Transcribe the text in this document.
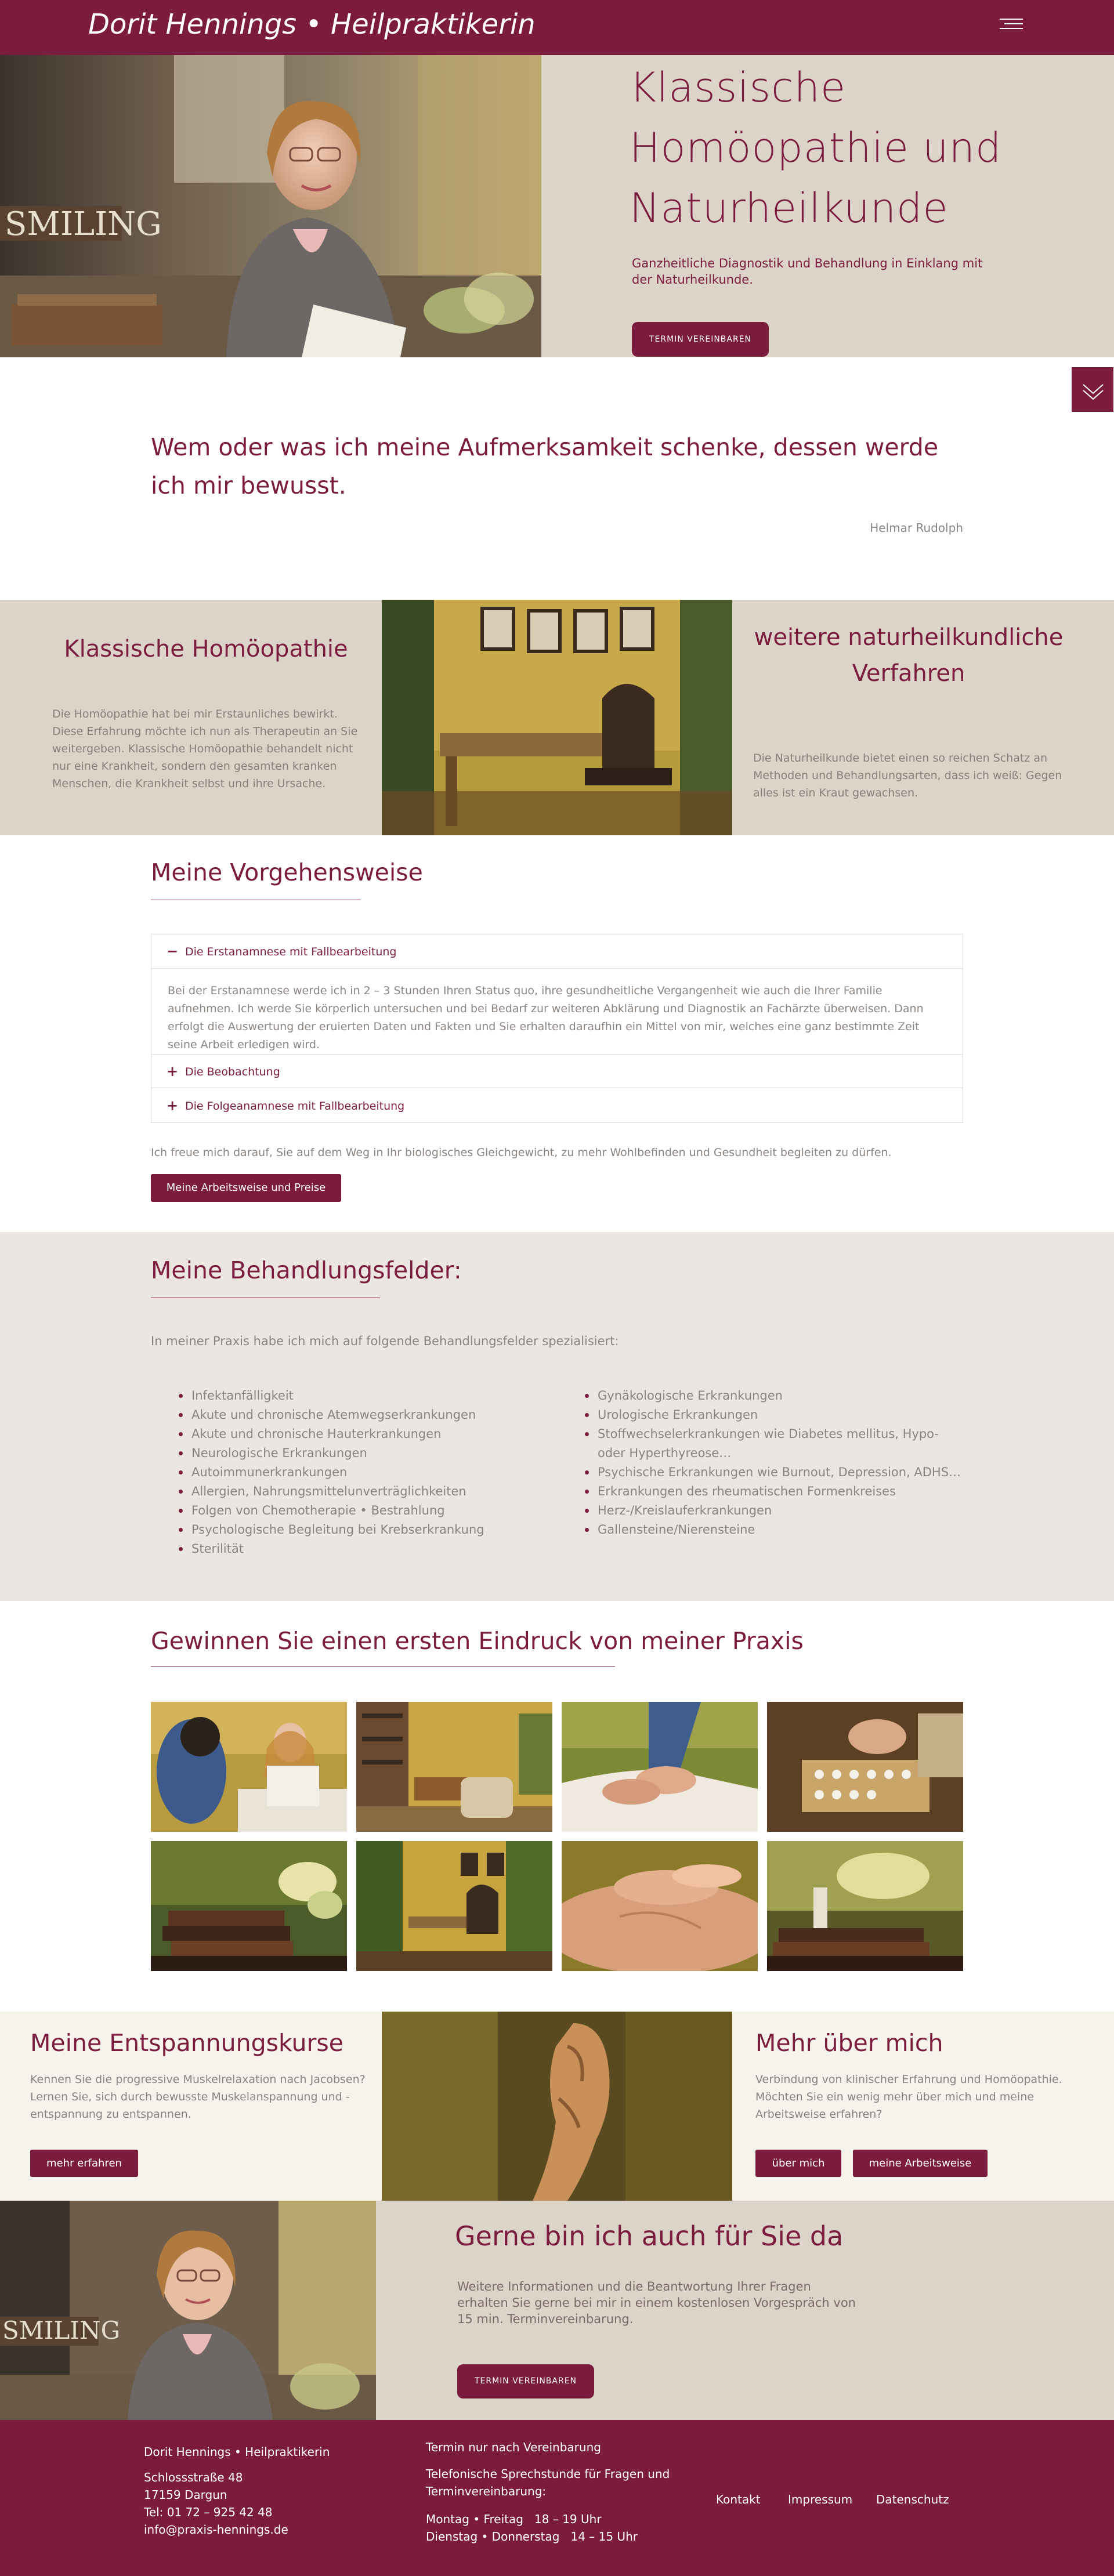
Dorit Hennings • Heilpraktikerin
SMILING
Klassische Homöopathie und Naturheilkunde
Ganzheitliche Diagnostik und Behandlung in Einklang mit der Naturheilkunde.
TERMIN VEREINBAREN
Wem oder was ich meine Aufmerksamkeit schenke, dessen werde ich mir bewusst.
Helmar Rudolph
Klassische Homöopathie
Die Homöopathie hat bei mir Erstaunliches bewirkt. Diese Erfahrung möchte ich nun als Therapeutin an Sie weitergeben. Klassische Homöopathie behandelt nicht nur eine Krankheit, sondern den gesamten kranken Menschen, die Krankheit selbst und ihre Ursache.
weitere naturheilkundliche Verfahren
Die Naturheilkunde bietet einen so reichen Schatz an Methoden und Behandlungsarten, dass ich weiß: Gegen alles ist ein Kraut gewachsen.
Meine Vorgehensweise
− Die Erstanamnese mit Fallbearbeitung
Bei der Erstanamnese werde ich in 2 – 3 Stunden Ihren Status quo, ihre gesundheitliche Vergangenheit wie auch die Ihrer Familie aufnehmen. Ich werde Sie körperlich untersuchen und bei Bedarf zur weiteren Abklärung und Diagnostik an Fachärzte überweisen. Dann erfolgt die Auswertung der eruierten Daten und Fakten und Sie erhalten daraufhin ein Mittel von mir, welches eine ganz bestimmte Zeit seine Arbeit erledigen wird.
+ Die Beobachtung
+ Die Folgeanamnese mit Fallbearbeitung
Ich freue mich darauf, Sie auf dem Weg in Ihr biologisches Gleichgewicht, zu mehr Wohlbefinden und Gesundheit begleiten zu dürfen.
Meine Arbeitsweise und Preise
Meine Behandlungsfelder:
In meiner Praxis habe ich mich auf folgende Behandlungsfelder spezialisiert:
Infektanfälligkeit
Akute und chronische Atemwegserkrankungen
Akute und chronische Hauterkrankungen
Neurologische Erkrankungen
Autoimmunerkrankungen
Allergien, Nahrungsmittelunverträglichkeiten
Folgen von Chemotherapie • Bestrahlung
Psychologische Begleitung bei Krebserkrankung
Sterilität
Gynäkologische Erkrankungen
Urologische Erkrankungen
Stoffwechselerkrankungen wie Diabetes mellitus, Hypo- oder Hyperthyreose…
Psychische Erkrankungen wie Burnout, Depression, ADHS…
Erkrankungen des rheumatischen Formenkreises
Herz-/Kreislauferkrankungen
Gallensteine/Nierensteine
Gewinnen Sie einen ersten Eindruck von meiner Praxis
Meine Entspannungskurse
Kennen Sie die progressive Muskelrelaxation nach Jacobsen? Lernen Sie, sich durch bewusste Muskelanspannung und -entspannung zu entspannen.
mehr erfahren
Mehr über mich
Verbindung von klinischer Erfahrung und Homöopathie. Möchten Sie ein wenig mehr über mich und meine Arbeitsweise erfahren?
über mich	meine Arbeitsweise
SMILING
Gerne bin ich auch für Sie da
Weitere Informationen und die Beantwortung Ihrer Fragen erhalten Sie gerne bei mir in einem kostenlosen Vorgespräch von 15 min. Terminvereinbarung.
TERMIN VEREINBAREN
Dorit Hennings • Heilpraktikerin
Schlossstraße 48
17159 Dargun
Tel: 01 72 – 925 42 48
info@praxis-hennings.de
Termin nur nach Vereinbarung
Telefonische Sprechstunde für Fragen und Terminvereinbarung:
Montag • Freitag   18 – 19 Uhr
Dienstag • Donnerstag   14 – 15 Uhr
Kontakt Impressum Datenschutz
